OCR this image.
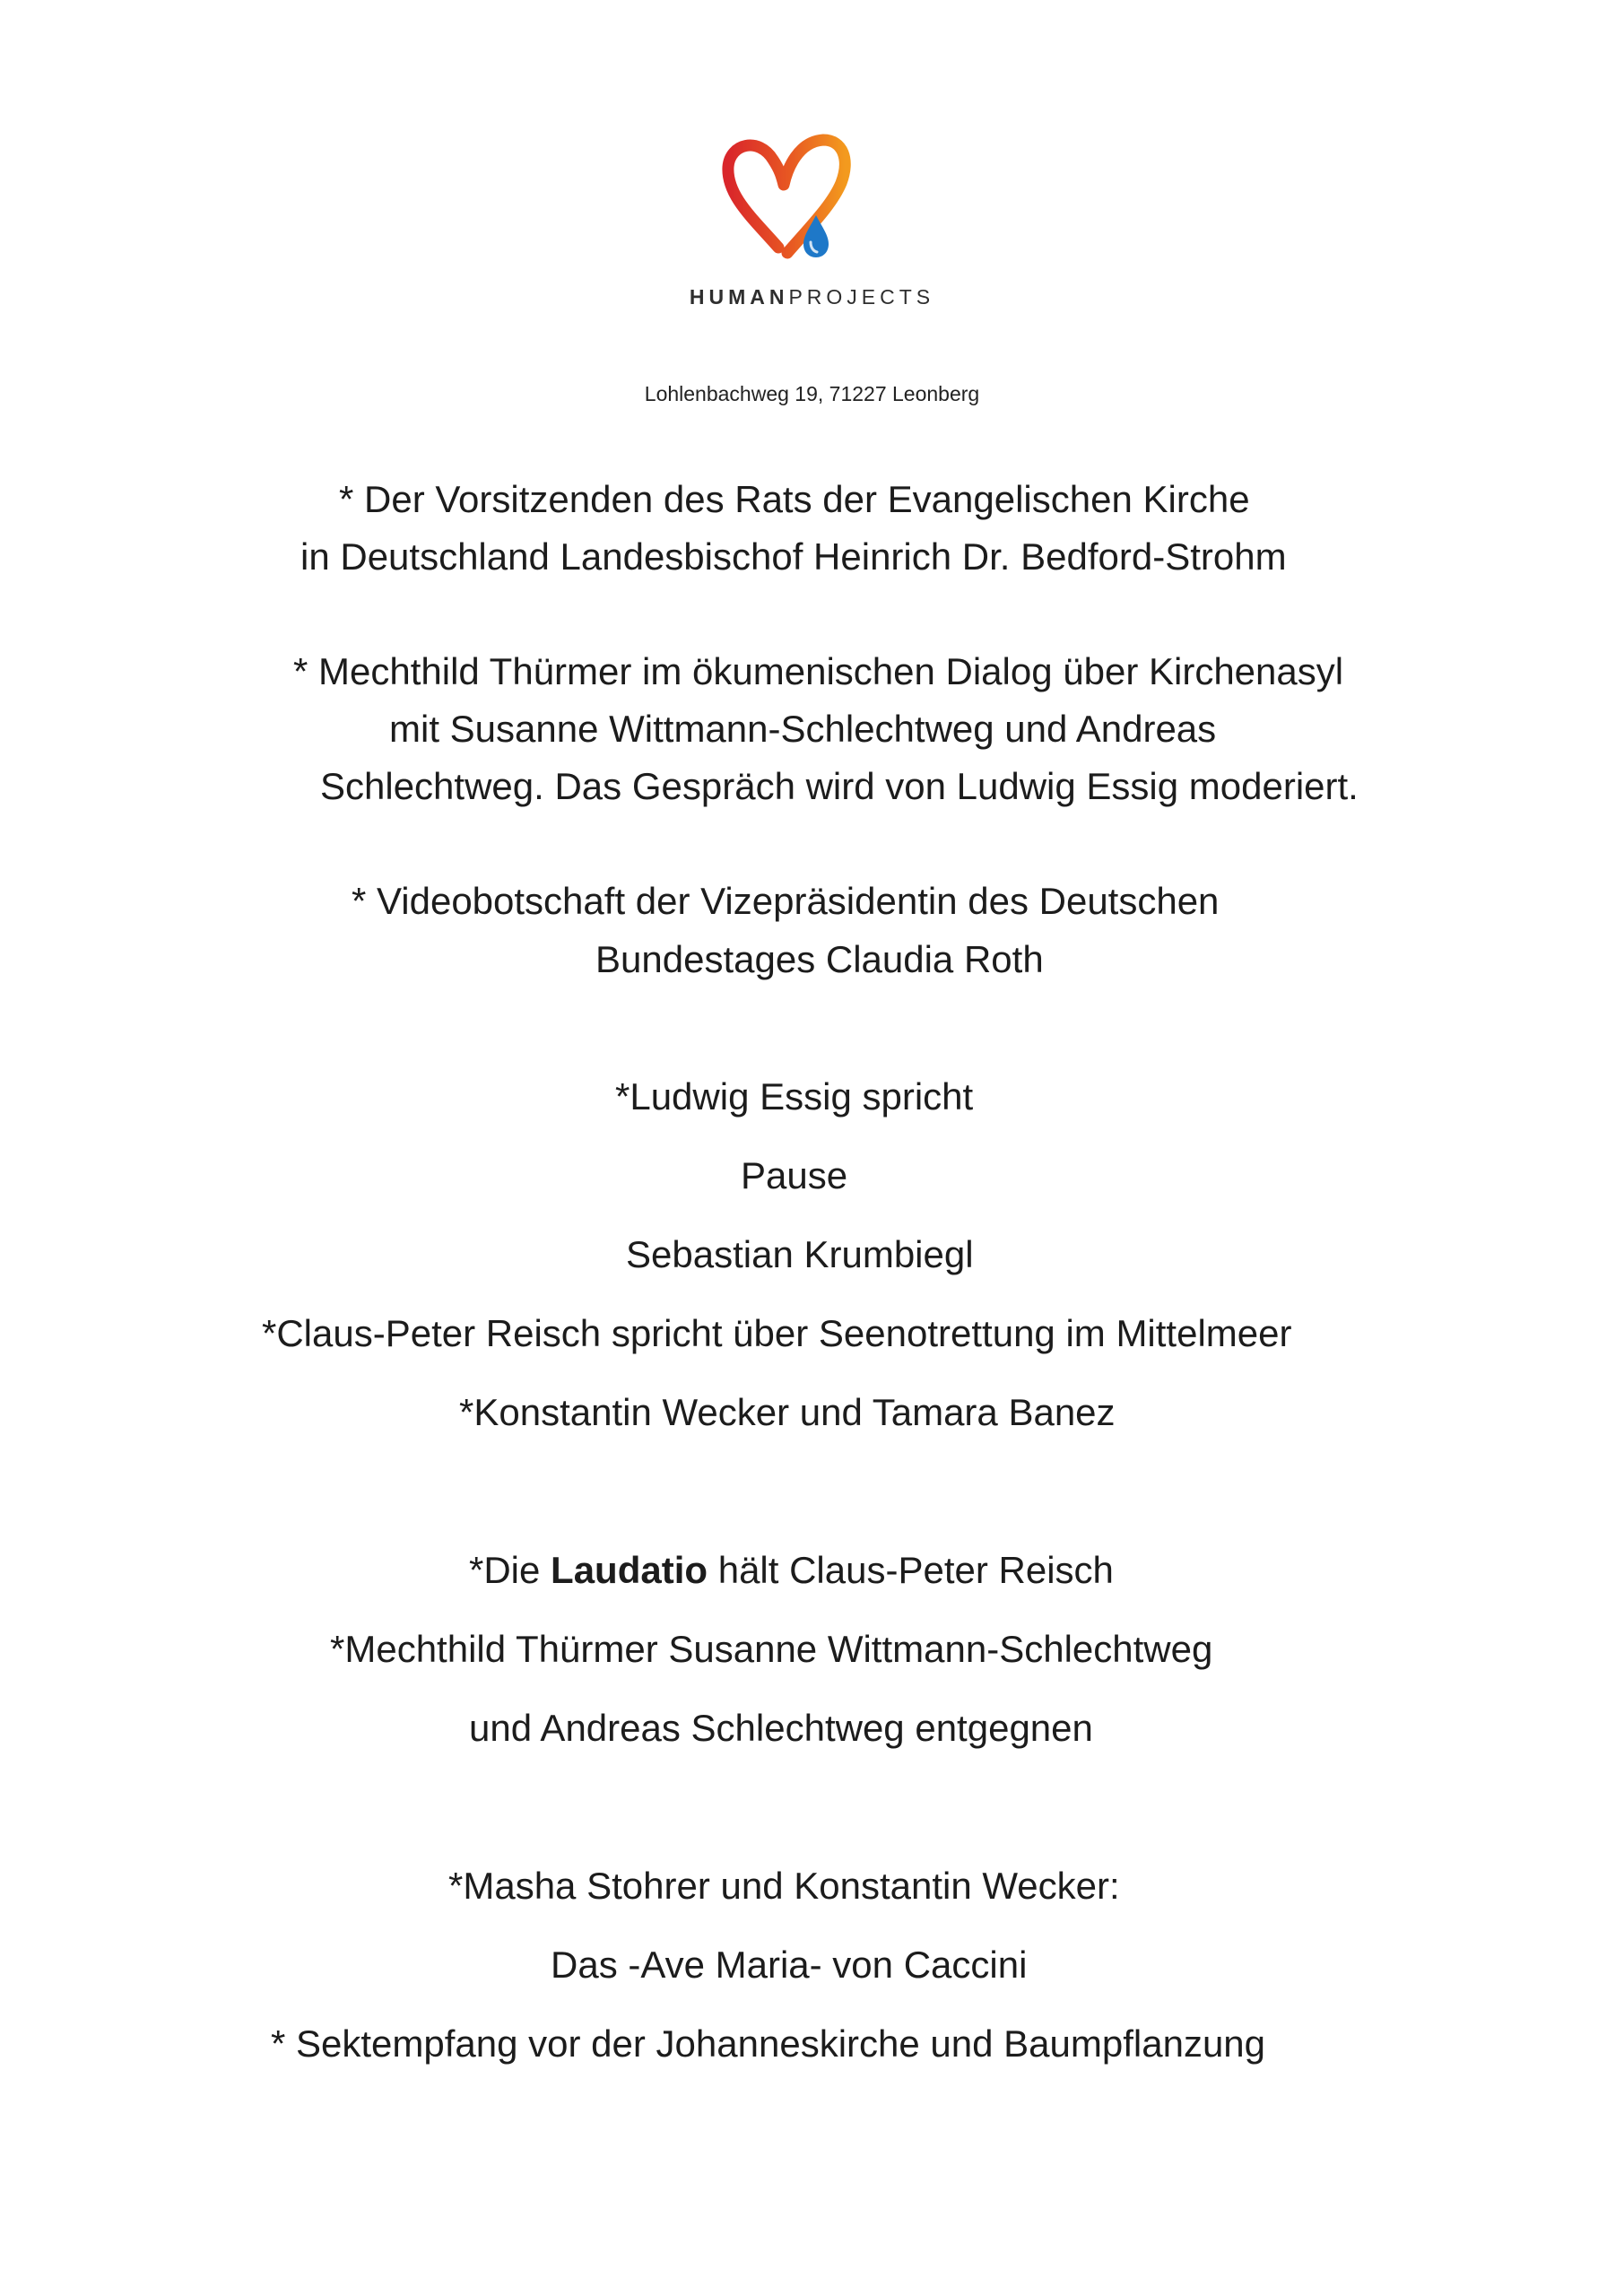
HUMANPROJECTS
Lohlenbachweg 19, 71227 Leonberg
* Der Vorsitzenden des Rats der Evangelischen Kirche
in Deutschland Landesbischof Heinrich Dr. Bedford-Strohm
* Mechthild Thürmer im ökumenischen Dialog über Kirchenasyl
mit Susanne Wittmann-Schlechtweg und Andreas
Schlechtweg. Das Gespräch wird von Ludwig Essig moderiert.
* Videobotschaft der Vizepräsidentin des Deutschen
Bundestages Claudia Roth
*Ludwig Essig spricht
Pause
Sebastian Krumbiegl
*Claus-Peter Reisch spricht über Seenotrettung im Mittelmeer
*Konstantin Wecker und Tamara Banez
*Die Laudatio hält Claus-Peter Reisch
*Mechthild Thürmer Susanne Wittmann-Schlechtweg
und Andreas Schlechtweg entgegnen
*Masha Stohrer und Konstantin Wecker:
Das -Ave Maria- von Caccini
* Sektempfang vor der Johanneskirche und Baumpflanzung
